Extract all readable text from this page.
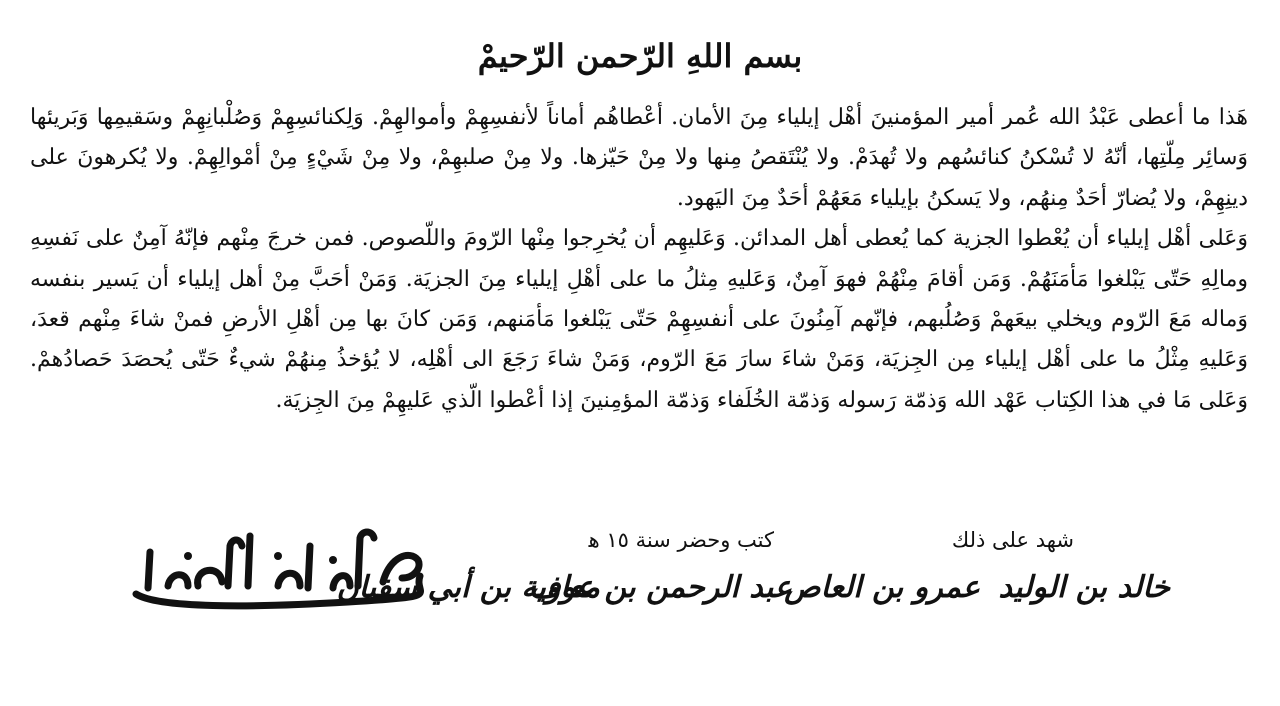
بسم اللهِ الرّحمن الرّحيمْ

هَذا ما أعطى عَبْدُ الله عُمر أمير المؤمنينَ أهْل إيلياء مِنَ الأمان. أعْطاهُم أماناً لأنفسِهِمْ وأموالهِمْ. وَلِكنائسِهِمْ وَصُلْبانِهِمْ وسَقيمِها وَبَريئها وَسائِر مِلّتِها، أنّهُ لا تُسْكنُ كنائسُهم ولا تُهدَمْ. ولا يُنْتَقصُ مِنها ولا مِنْ حَيّزها. ولا مِنْ صلبهِمْ، ولا مِنْ شَيْءٍ مِنْ أمْوالِهِمْ. ولا يُكرهونَ على دينِهِمْ، ولا يُضارّ أحَدٌ مِنهُم، ولا يَسكنُ بإيلياء مَعَهُمْ أحَدٌ مِنَ اليَهود.

وَعَلى أهْل إيلياء أن يُعْطوا الجزية كما يُعطى أهل المدائن. وَعَليهِم أن يُخرِجوا مِنْها الرّومَ واللّصوص. فمن خرجَ مِنْهم فإنّهُ آمِنٌ على نَفسِهِ ومالِهِ حَتّى يَبْلغوا مَأمَنَهُمْ. وَمَن أقامَ مِنْهُمْ فهوَ آمِنٌ، وَعَليهِ مِثلُ ما على أهْلِ إيلياء مِنَ الجزيَة. وَمَنْ أحَبَّ مِنْ أهل إيلياء أن يَسير بنفسه وَماله مَعَ الرّوم ويخلي بيعَهمْ وَصُلُبهم، فإنّهم آمِنُونَ على أنفسِهِمْ حَتّى يَبْلغوا مَأمَنهم، وَمَن كانَ بها مِن أهْلِ الأرضِ فمنْ شاءَ مِنْهم قعدَ، وَعَليهِ مِثْلُ ما على أهْل إيلياء مِن الجِزيَة، وَمَنْ شاءَ سارَ مَعَ الرّوم، وَمَنْ شاءَ رَجَعَ الى أهْلِه، لا يُؤخذُ مِنهُمْ شيءٌ حَتّى يُحصَدَ حَصادُهمْ. وَعَلى مَا في هذا الكِتاب عَهْد الله وَذمّة رَسوله وَذمّة الخُلَفاء وَذمّة المؤمِنينَ إذا أعْطوا الّذي عَليهِمْ مِنَ الجِزيَة.

شهد على ذلك
كتب وحضر سنة ١٥ ﻫ
خالد بن الوليد
عمرو بن العاص
عبد الرحمن بن عوف
معاوية بن أبي سفيان
